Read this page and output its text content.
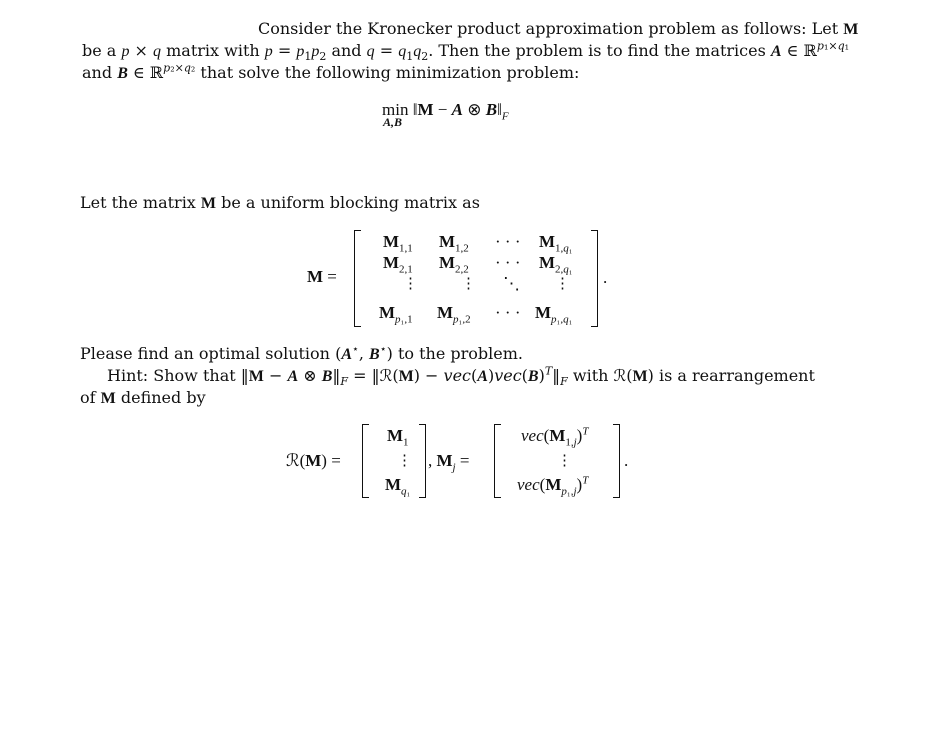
Consider the Kronecker product approximation problem as follows: Let M
be a p × q matrix with $p = p_1p_2$ and $q = q_1q_2$. Then the problem is to find the matrices A ∈ ℝ$^{p_1\times q_1}$
and B ∈ ℝ$^{p_2\times q_2}$ that solve the following minimization problem:
min
A,B
‖M − A ⊗ $B‖_F$
Let the matrix M be a uniform blocking matrix as
M =
$M_{1,1}$ $M_{1,2}$ · · · $M_{1,q_1}$
$M_{2,1}$ $M_{2,2}$ · · · $M_{2,q_1}$
⋮	⋮ ⋱ ⋮
$M_{p_1,1}$ $M_{p_1,2}$ · · · $M_{p_1,q_1}$
.
Please find an optimal solution (A⋆, B⋆) to the problem.
Hint: Show that ‖M − A ⊗ $B‖_F$ = ‖ℛ(M) − $vec(A)vec(B)^T‖_F$ with ℛ(M) is a rearrangement
of M defined by
ℛ(M) =
$M_1$
⋮
$M_{q_1}$
, $M_j$ =
$vec(M_{1,j})^T$
⋮
$vec(M_{p_1,j})^T$
.
